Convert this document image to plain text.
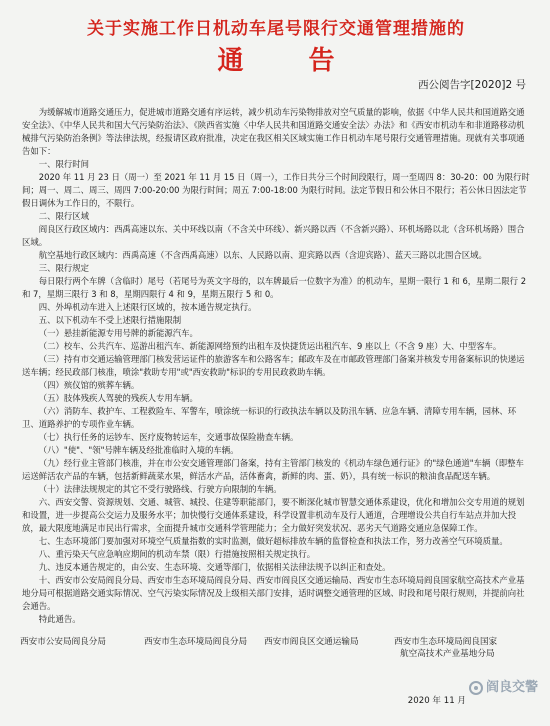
关于实施工作日机动车尾号限行交通管理措施的
通 告
西公阅告字[2020]2 号

为缓解城市道路交通压力，促进城市道路交通有序运转，减少机动车污染物排放对空气质量的影响，依据《中华人民共和国道路交通安全法》、《中华人民共和国大气污染防治法》、《陕西省实施〈中华人民共和国道路交通安全法〉办法》和《西安市机动车和非道路移动机械排气污染防治条例》等法律法规，经报请区政府批准，决定在我区相关区域实施工作日机动车尾号限行交通管理措施。现就有关事项通告如下：

一、限行时间

2020 年 11 月 23 日（周一）至 2021 年 11 月 15 日（周一），工作日共分三个时间段限行，周一至周四 8：30-20：00 为限行时间；周一、周二、周三、周四 7:00-20:00 为限行时间；周五 7:00-18:00 为限行时间。法定节假日和公休日不限行；若公休日因法定节假日调休为工作日的，不限行。

二、限行区域

阎良区行政区域内：西禹高速以东、关中环线以南（不含关中环线）、新兴路以西（不含新兴路）、环机场路以北（含环机场路）围合区域。

航空基地行政区域内：西禹高速（不含西禹高速）以东、人民路以南、迎宾路以西（含迎宾路）、蓝天三路以北围合区域。

三、限行规定

每日限行两个车牌（含临时）尾号（若尾号为英文字母的，以车牌最后一位数字为准）的机动车，星期一限行 1 和 6，星期二限行 2 和 7，星期三限行 3 和 8，星期四限行 4 和 9，星期五限行 5 和 0。

四、外埠机动车进入上述限行区域的，按本通告规定执行。

五、以下机动车不受上述限行措施限制

（一）悬挂新能源专用号牌的新能源汽车。

（二）校车、公共汽车、巡游出租汽车、新能源网络预约出租车及快捷货运出租汽车、9 座以上（不含 9 座）大、中型客车。

（三）持有市交通运输管理部门核发营运证件的旅游客车和公路客车；邮政车及在市邮政管理部门备案并核发专用备案标识的快递运送车辆；经民政部门核准，喷涂"救助专用"或"西安救助"标识的专用民政救助车辆。

（四）殡仪馆的殡葬车辆。

（五）肢体残疾人驾驶的残疾人专用车辆。

（六）消防车、救护车、工程救险车、军警车，喷涂统一标识的行政执法车辆以及防汛车辆、应急车辆、清障专用车辆，园林、环卫、道路养护的专项作业车辆。

（七）执行任务的运钞车、医疗废物转运车，交通事故保险勘查车辆。

（八）"使"、"领"号牌车辆及经批准临时入境的车辆。

（九）经行业主管部门核准，并在市公安交通管理部门备案，持有主管部门核发的《机动车绿色通行证》的"绿色通道"车辆（即整车运送鲜活农产品的车辆，包括新鲜蔬菜水果，鲜活水产品，活体畜禽，新鲜的肉、蛋、奶），具有统一标识的粮油食品配送车辆。

（十）法律法规规定的其它不受行驶路线、行驶方向限制的车辆。

六、西安交警、资源规划、交通、城管、城投、住建等职能部门，要不断深化城市智慧交通体系建设，优化和增加公交专用道的规划和设置，进一步提高公交运力及服务水平；加快慢行交通体系建设，科学设置非机动车及行人通道，合理增设公共自行车站点并加大投放，最大限度地满足市民出行需求，全面提升城市交通科学管理能力；全力做好突发状况、恶劣天气道路交通应急保障工作。

七、生态环境部门要加强对环境空气质量指数的实时监测，做好超标排放车辆的监督检查和执法工作，努力改善空气环境质量。

八、重污染天气应急响应期间的机动车禁（限）行措施按照相关规定执行。

九、违反本通告规定的，由公安、生态环境、交通等部门，依据相关法律法规予以纠正和查处。

十、西安市公安局阎良分局、西安市生态环境局阎良分局、西安市阎良区交通运输局、西安市生态环境局阎良国家航空高技术产业基地分局可根据道路交通实际情况、空气污染实际情况及上级相关部门安排，适时调整交通管理的区域、时段和尾号限行规则，并提前向社会通告。

特此通告。

西安市公安局阎良分局	西安市生态环境局阎良分局 西安市阎良区交通运输局	西安市生态环境局阎良国家
航空高技术产业基地分局
2020 年 11 月
阎良交警
